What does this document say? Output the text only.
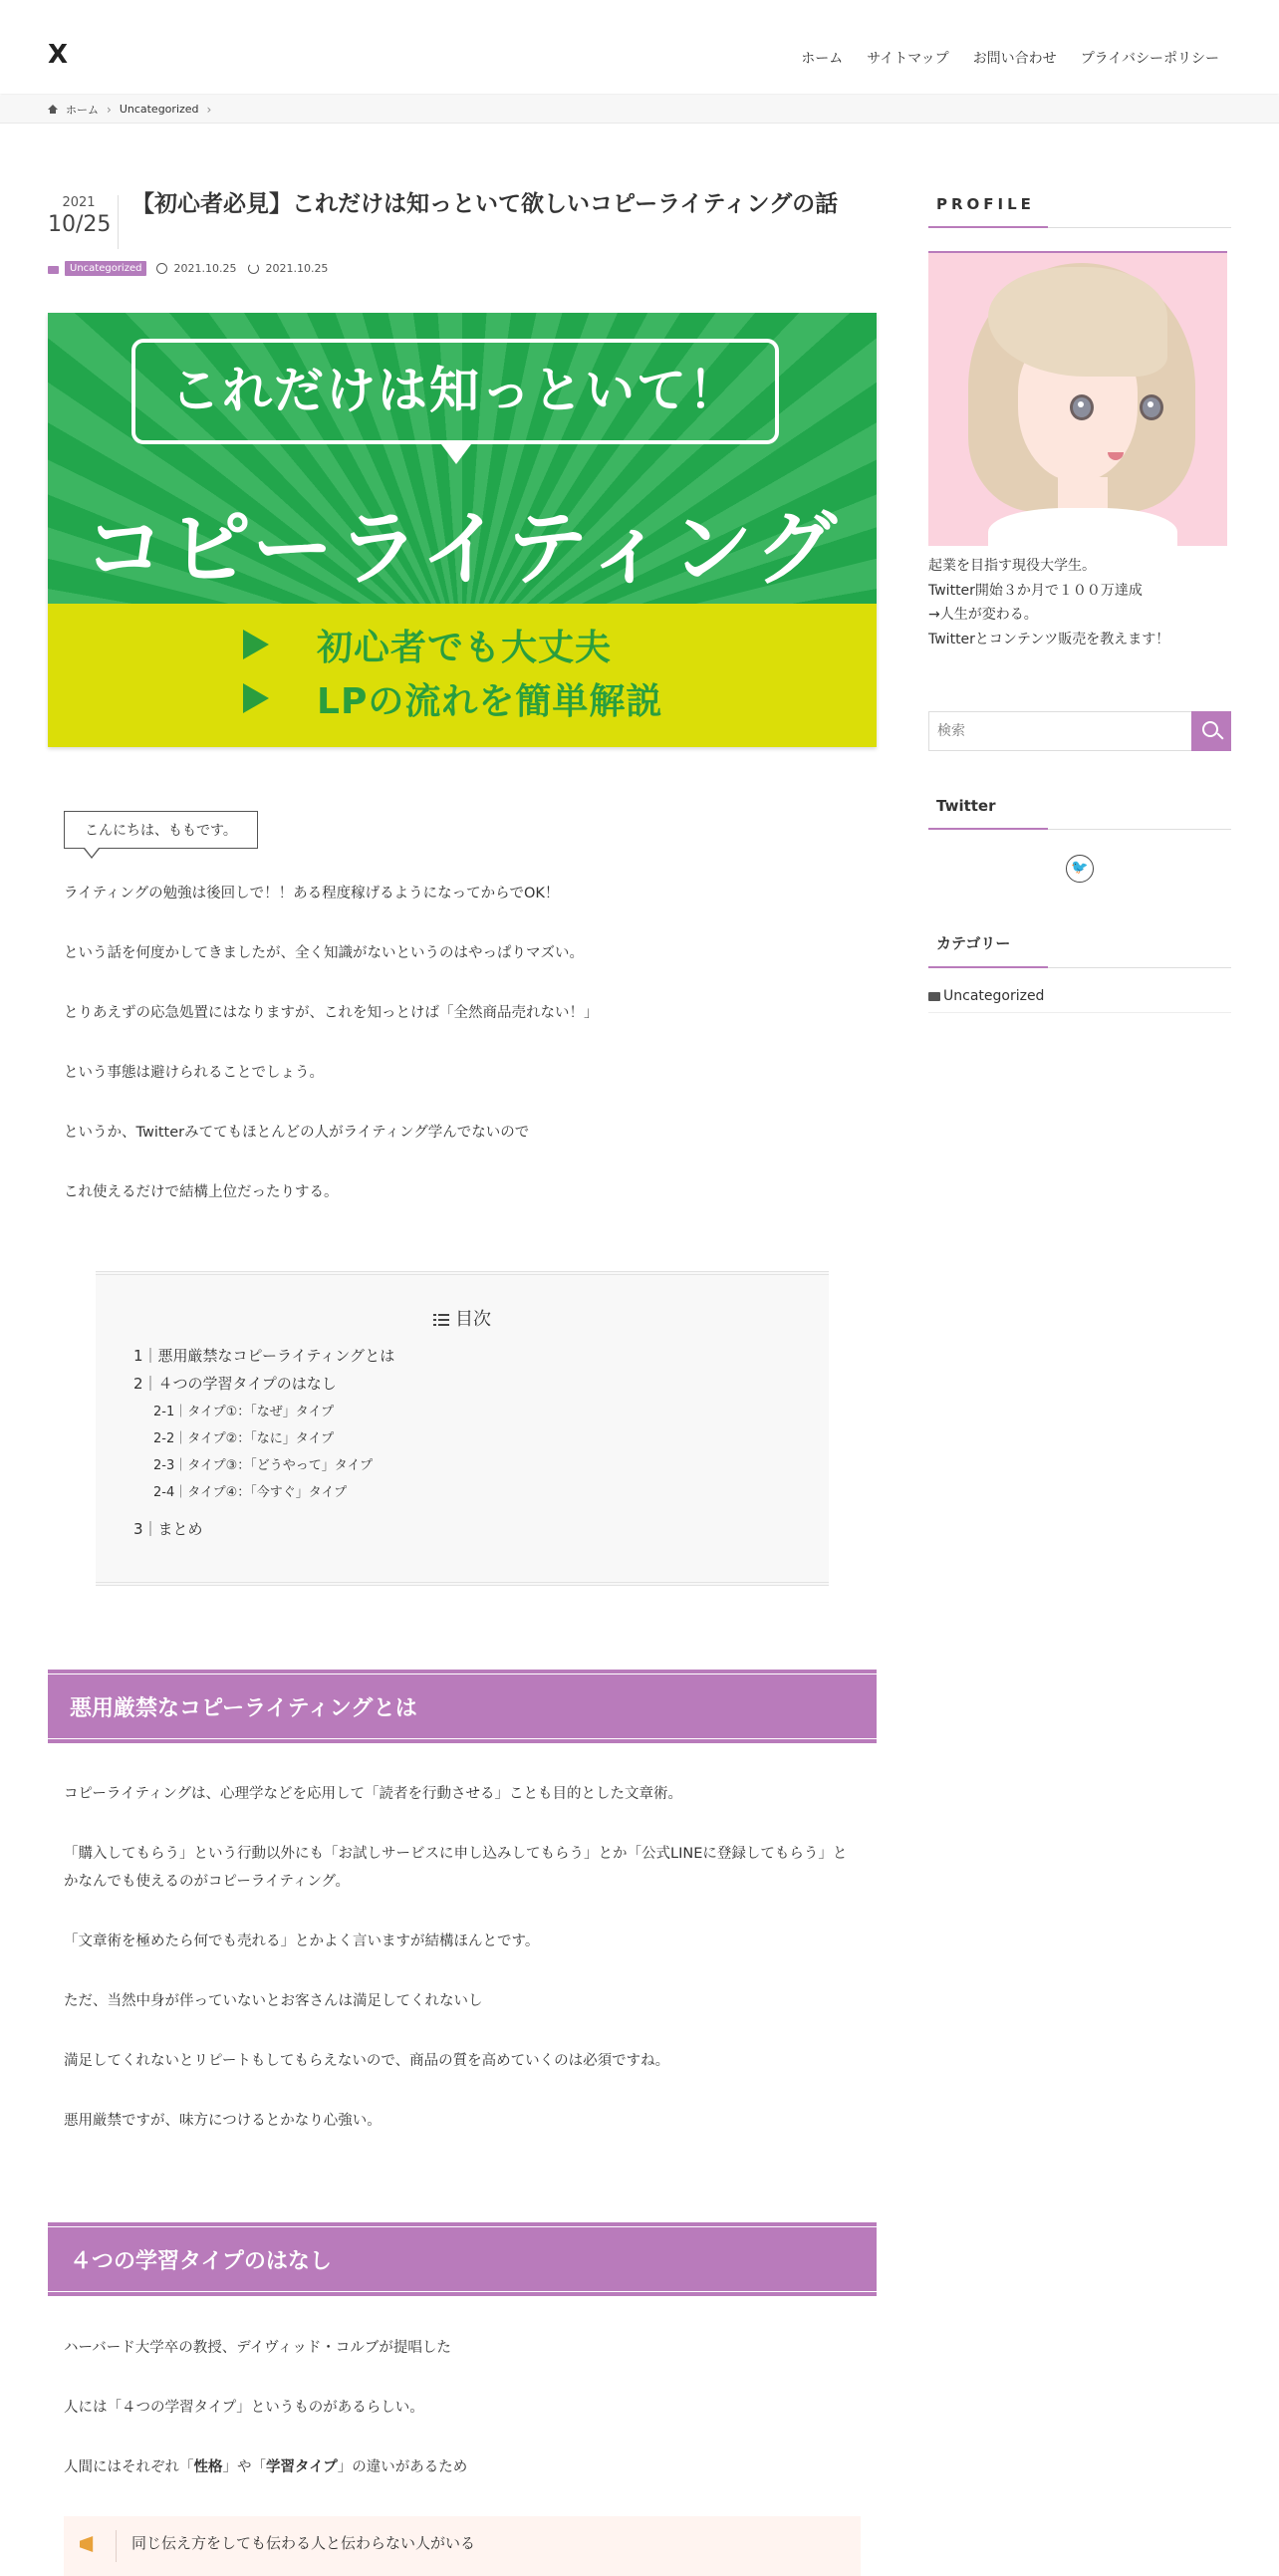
X	ホーム サイトマップ お問い合わせ プライバシーポリシー
ホーム › Uncategorized ›
2021
10/25
【初心者必見】これだけは知っといて欲しいコピーライティングの話
Uncategorized	2021.10.25	2021.10.25
これだけは知っといて！
コピーライティング
初心者でも大丈夫
LPの流れを簡単解説
こんにちは、ももです。

ライティングの勉強は後回しで！！ある程度稼げるようになってからでOK！

という話を何度かしてきましたが、全く知識がないというのはやっぱりマズい。

とりあえずの応急処置にはなりますが、これを知っとけば「全然商品売れない！」

という事態は避けられることでしょう。

というか、Twitterみててもほとんどの人がライティング学んでないので

これ使えるだけで結構上位だったりする。

目次
1｜悪用厳禁なコピーライティングとは
2｜４つの学習タイプのはなし
2-1｜タイプ①：「なぜ」タイプ
2-2｜タイプ②：「なに」タイプ
2-3｜タイプ③：「どうやって」タイプ
2-4｜タイプ④：「今すぐ」タイプ
3｜まとめ
悪用厳禁なコピーライティングとは

コピーライティングは、心理学などを応用して「読者を行動させる」ことも目的とした文章術。

「購入してもらう」という行動以外にも「お試しサービスに申し込みしてもらう」とか「公式LINEに登録してもらう」とかなんでも使えるのがコピーライティング。

「文章術を極めたら何でも売れる」とかよく言いますが結構ほんとです。

ただ、当然中身が伴っていないとお客さんは満足してくれないし

満足してくれないとリピートもしてもらえないので、商品の質を高めていくのは必須ですね。

悪用厳禁ですが、味方につけるとかなり心強い。

４つの学習タイプのはなし

ハーバード大学卒の教授、デイヴィッド・コルブが提唱した

人には「４つの学習タイプ」というものがあるらしい。

人間にはそれぞれ「性格」や「学習タイプ」の違いがあるため

同じ伝え方をしても伝わる人と伝わらない人がいる
PROFILE
起業を目指す現役大学生。
Twitter開始３か月で１００万達成
→人生が変わる。
Twitterとコンテンツ販売を教えます！
検索
Twitter
🐦
カテゴリー
Uncategorized
